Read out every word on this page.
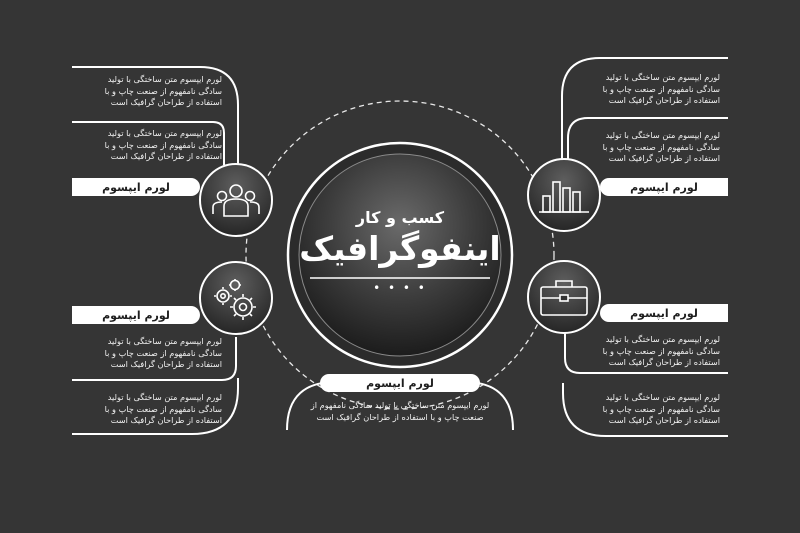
کسب و کار
اینفوگرافیک
• • • •
لورم ایپسوم متن ساختگی با تولید
سادگی نامفهوم از صنعت چاپ و با
استفاده از طراحان گرافیک است
لورم ایپسوم متن ساختگی با تولید
سادگی نامفهوم از صنعت چاپ و با
استفاده از طراحان گرافیک است
لورم ایپسوم
لورم ایپسوم
لورم ایپسوم متن ساختگی با تولید
سادگی نامفهوم از صنعت چاپ و با
استفاده از طراحان گرافیک است
لورم ایپسوم متن ساختگی با تولید
سادگی نامفهوم از صنعت چاپ و با
استفاده از طراحان گرافیک است
لورم ایپسوم متن ساختگی با تولید
سادگی نامفهوم از صنعت چاپ و با
استفاده از طراحان گرافیک است
لورم ایپسوم متن ساختگی با تولید
سادگی نامفهوم از صنعت چاپ و با
استفاده از طراحان گرافیک است
لورم ایپسوم
لورم ایپسوم
لورم ایپسوم متن ساختگی با تولید
سادگی نامفهوم از صنعت چاپ و با
استفاده از طراحان گرافیک است
لورم ایپسوم متن ساختگی با تولید
سادگی نامفهوم از صنعت چاپ و با
استفاده از طراحان گرافیک است
لورم ایپسوم
لورم ایپسوم متن ساختگی با تولید سادگی نامفهوم از
صنعت چاپ و با استفاده از طراحان گرافیک است
